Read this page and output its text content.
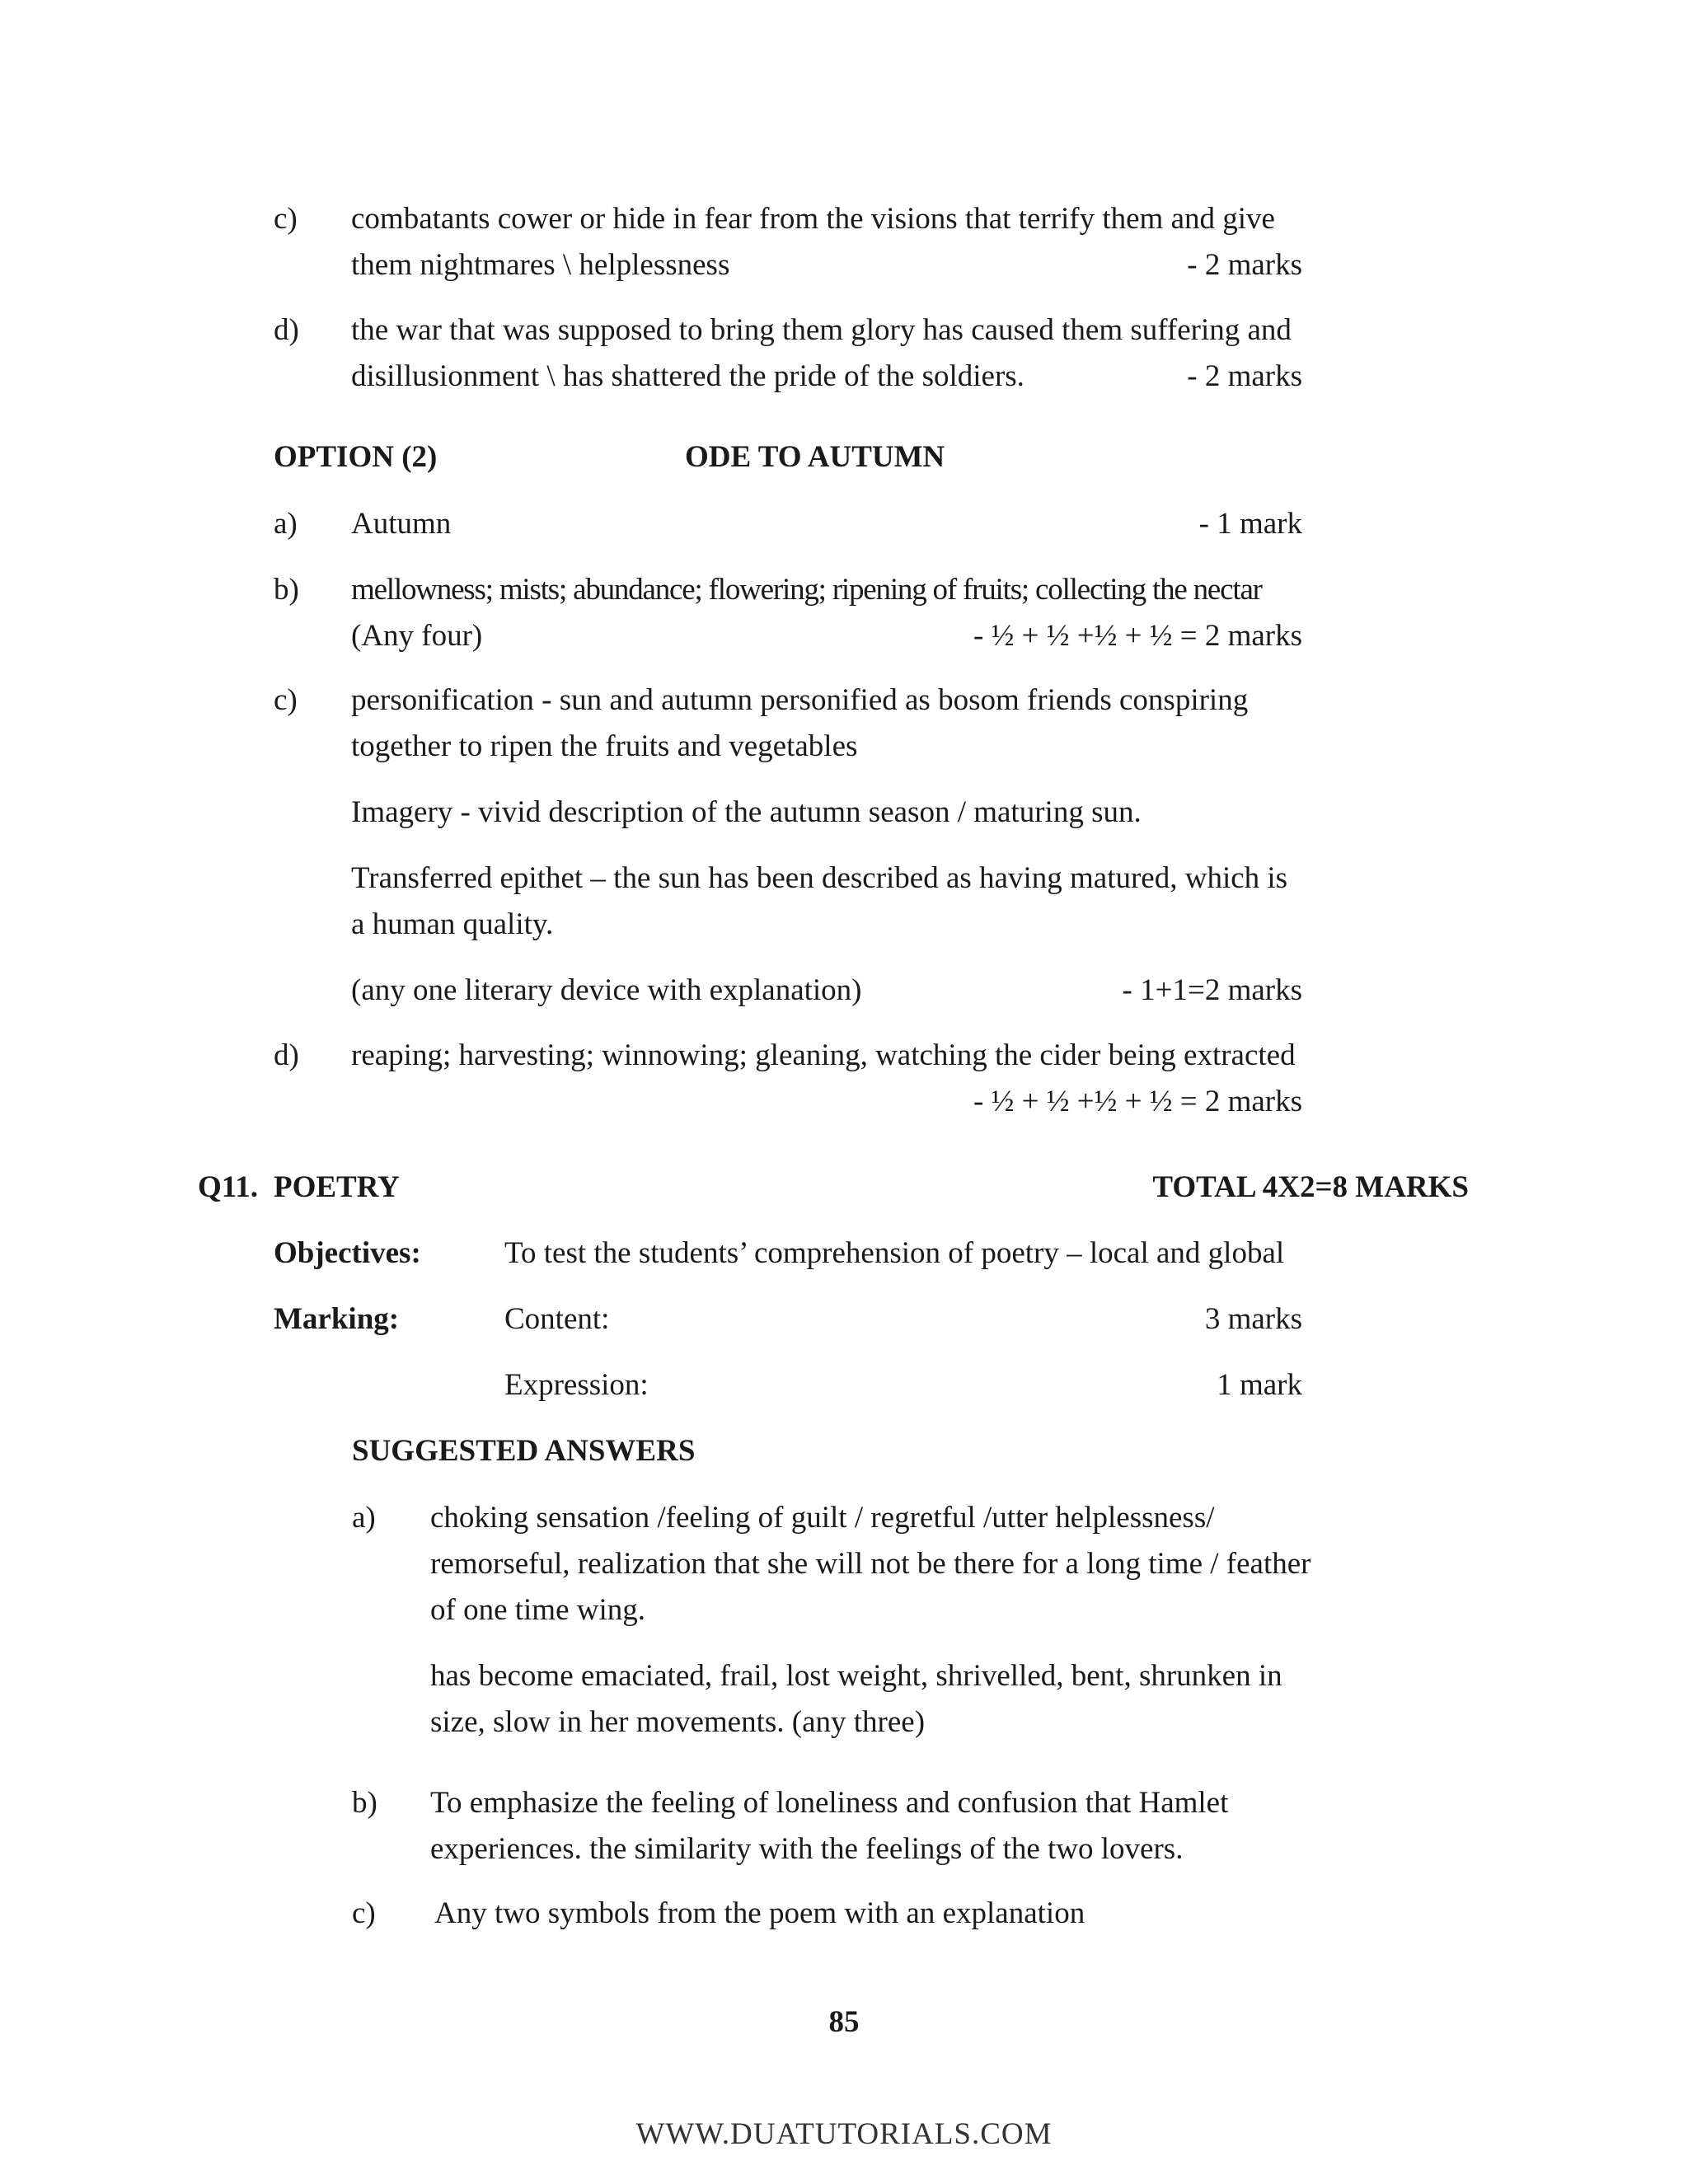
c) combatants cower or hide in fear from the visions that terrify them and give
them nightmares \ helplessness	- 2 marks
d) the war that was supposed to bring them glory has caused them suffering and
disillusionment \ has shattered the pride of the soldiers.	- 2 marks
OPTION (2)	ODE TO AUTUMN
a) Autumn	- 1 mark
b) mellowness; mists; abundance; flowering; ripening of fruits; collecting the nectar
(Any four)	- ½ + ½ +½ + ½ = 2 marks
c) personification - sun and autumn personified as bosom friends conspiring
together to ripen the fruits and vegetables
Imagery - vivid description of the autumn season / maturing sun.
Transferred epithet – the sun has been described as having matured, which is
a human quality.
(any one literary device with explanation)	- 1+1=2 marks
d) reaping; harvesting; winnowing; gleaning, watching the cider being extracted
- ½ + ½ +½ + ½ = 2 marks
Q11. POETRY	TOTAL 4X2=8 MARKS
Objectives:	To test the students’ comprehension of poetry – local and global
Marking:	Content:	3 marks
Expression:	1 mark
SUGGESTED ANSWERS
a) choking sensation /feeling of guilt / regretful /utter helplessness/
remorseful, realization that she will not be there for a long time / feather
of one time wing.
has become emaciated, frail, lost weight, shrivelled, bent, shrunken in
size, slow in her movements. (any three)
b) To emphasize the feeling of loneliness and confusion that Hamlet
experiences. the similarity with the feelings of the two lovers.
c) Any two symbols from the poem with an explanation
85
WWW.DUATUTORIALS.COM
